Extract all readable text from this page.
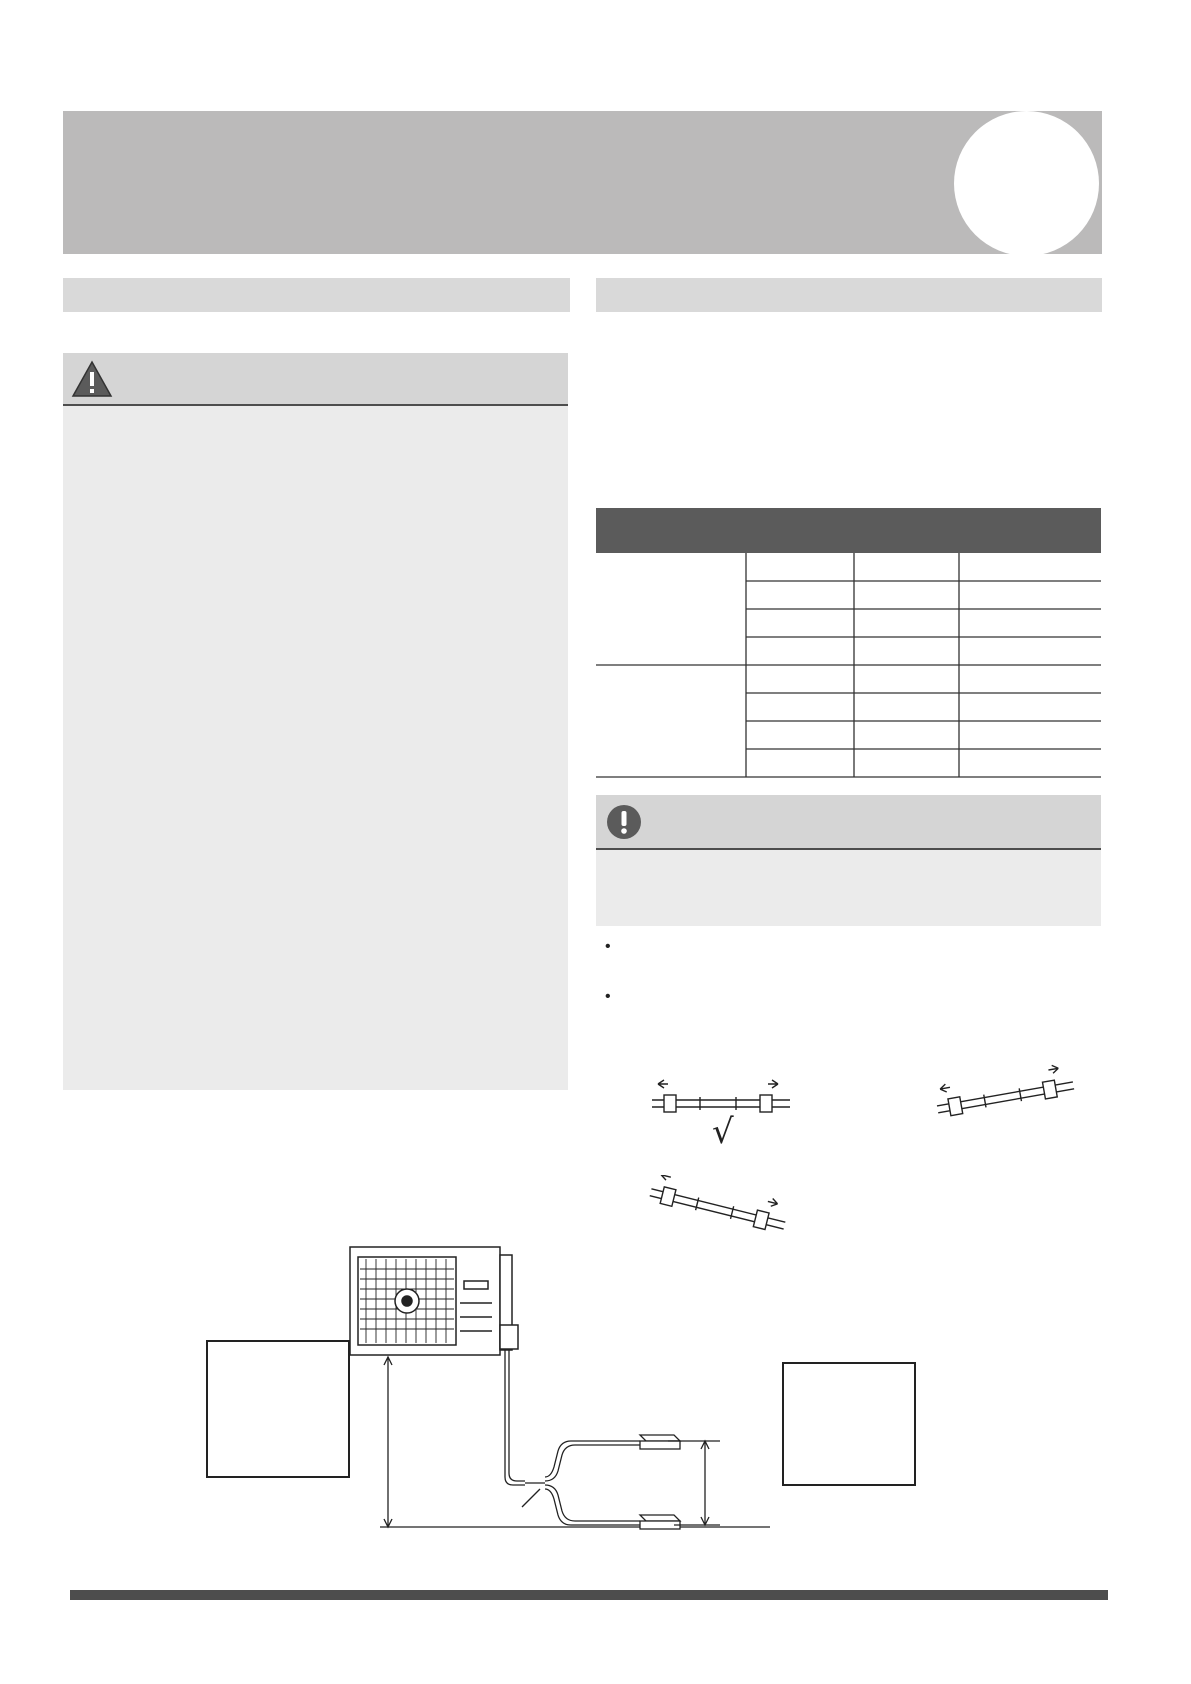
•
•
√
